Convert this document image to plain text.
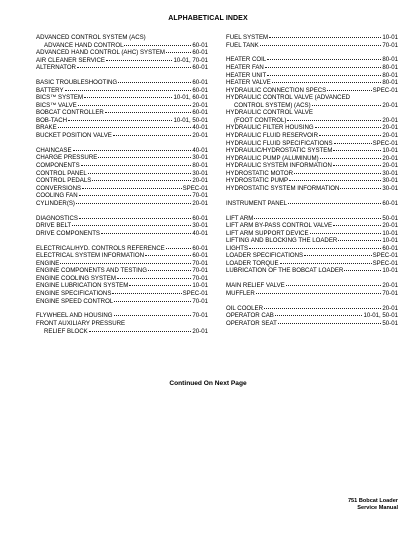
ALPHABETICAL INDEX
ADVANCED CONTROL SYSTEM (ACS)
ADVANCE HAND CONTROL	60-01
ADVANCED HAND CONTROL (AHC) SYSTEM	60-01
AIR CLEANER SERVICE	10-01, 70-01
ALTERNATOR	60-01
BASIC TROUBLESHOOTING	60-01
BATTERY	60-01
BICS™ SYSTEM	10-01, 60-01
BICS™ VALVE	20-01
BOBCAT CONTROLLER	60-01
BOB-TACH	10-01, 50-01
BRAKE	40-01
BUCKET POSITION VALVE	20-01
CHAINCASE	40-01
CHARGE PRESSURE	30-01
COMPONENTS	80-01
CONTROL PANEL	30-01
CONTROL PEDALS	20-01
CONVERSIONS	SPEC-01
COOLING FAN	70-01
CYLINDER(S)	20-01
DIAGNOSTICS	60-01
DRIVE BELT	30-01
DRIVE COMPONENTS	40-01
ELECTRICAL/HYD. CONTROLS REFERENCE	60-01
ELECTRICAL SYSTEM INFORMATION	60-01
ENGINE	70-01
ENGINE COMPONENTS AND TESTING	70-01
ENGINE COOLING SYSTEM	70-01
ENGINE LUBRICATION SYSTEM	10-01
ENGINE SPECIFICATIONS	SPEC-01
ENGINE SPEED CONTROL	70-01
FLYWHEEL AND HOUSING	70-01
FRONT AUXILIARY PRESSURE
RELIEF BLOCK	20-01
FUEL SYSTEM	10-01
FUEL TANK	70-01
HEATER COIL	80-01
HEATER FAN	80-01
HEATER UNIT	80-01
HEATER VALVE	80-01
HYDRAULIC CONNECTION SPECS	SPEC-01
HYDRAULIC CONTROL VALVE (ADVANCED
CONTROL SYSTEM) (ACS)	20-01
HYDRAULIC CONTROL VALVE
(FOOT CONTROL)	20-01
HYDRAULIC FILTER HOUSING	20-01
HYDRAULIC FLUID RESERVOIR	20-01
HYDRAULIC FLUID SPECIFICATIONS	SPEC-01
HYDRAULIC/HYDROSTATIC SYSTEM	10-01
HYDRAULIC PUMP (ALUMINUM)	20-01
HYDRAULIC SYSTEM INFORMATION	20-01
HYDROSTATIC MOTOR	30-01
HYDROSTATIC PUMP	30-01
HYDROSTATIC SYSTEM INFORMATION	30-01
INSTRUMENT PANEL	60-01
LIFT ARM	50-01
LIFT ARM BY-PASS CONTROL VALVE	20-01
LIFT ARM SUPPORT DEVICE	10-01
LIFTING AND BLOCKING THE LOADER	10-01
LIGHTS	60-01
LOADER SPECIFICATIONS	SPEC-01
LOADER TORQUE	SPEC-01
LUBRICATION OF THE BOBCAT LOADER	10-01
MAIN RELIEF VALVE	20-01
MUFFLER	70-01
OIL COOLER	20-01
OPERATOR CAB	10-01, 50-01
OPERATOR SEAT	50-01
Continued On Next Page
751 Bobcat Loader
Service Manual
